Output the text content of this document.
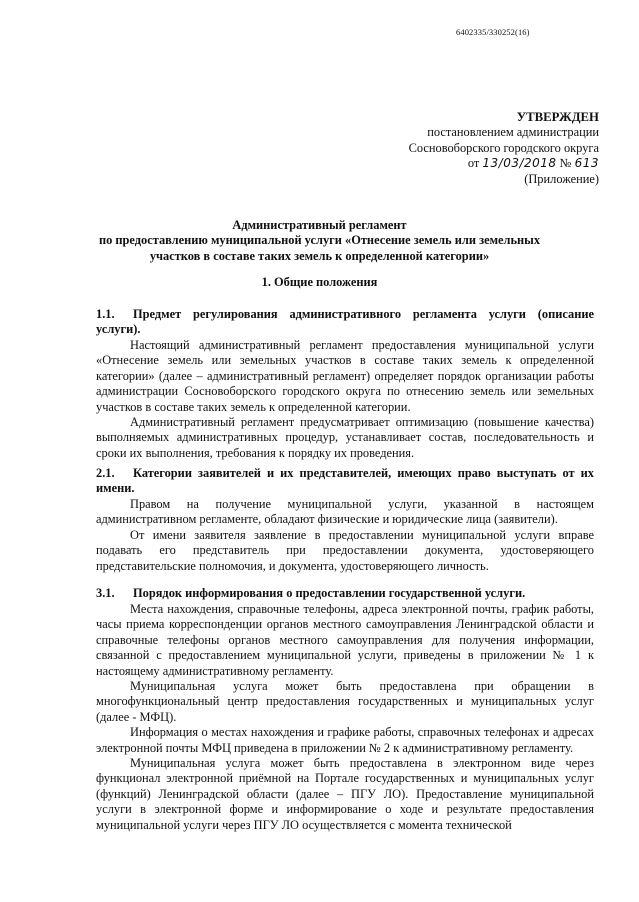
6402335/330252(16)
УТВЕРЖДЕН
постановлением администрации
Сосновоборского городского округа
от 13/03/2018 № 613
(Приложение)
Административный регламент
по предоставлению муниципальной услуги «Отнесение земель или земельных
участков в составе таких земель к определенной категории»
1. Общие положения
1.1. Предмет регулирования административного регламента услуги (описание услуги).

Настоящий административный регламент предоставления муниципальной услуги «Отнесение земель или земельных участков в составе таких земель к определенной категории» (далее – административный регламент) определяет порядок организации работы администрации Сосновоборского городского округа по отнесению земель или земельных участков в составе таких земель к определенной категории.

Административный регламент предусматривает оптимизацию (повышение качества) выполняемых административных процедур, устанавливает состав, последовательность и сроки их выполнения, требования к порядку их проведения.

2.1. Категории заявителей и их представителей, имеющих право выступать от их имени.

Правом на получение муниципальной услуги, указанной в настоящем административном регламенте, обладают физические и юридические лица (заявители).

От имени заявителя заявление в предоставлении муниципальной услуги вправе подавать его представитель при предоставлении документа, удостоверяющего представительские полномочия, и документа, удостоверяющего личность.

3.1. Порядок информирования о предоставлении государственной услуги.

Места нахождения, справочные телефоны, адреса электронной почты, график работы, часы приема корреспонденции органов местного самоуправления Ленинградской области и справочные телефоны органов местного самоуправления для получения информации, связанной с предоставлением муниципальной услуги, приведены в приложении № 1 к настоящему административному регламенту.

Муниципальная услуга может быть предоставлена при обращении в многофункциональный центр предоставления государственных и муниципальных услуг (далее - МФЦ).

Информация о местах нахождения и графике работы, справочных телефонах и адресах электронной почты МФЦ приведена в приложении № 2 к административному регламенту.

Муниципальная услуга может быть предоставлена в электронном виде через функционал электронной приёмной на Портале государственных и муниципальных услуг (функций) Ленинградской области (далее – ПГУ ЛО). Предоставление муниципальной услуги в электронной форме и информирование о ходе и результате предоставления муниципальной услуги через ПГУ ЛО осуществляется с момента технической
